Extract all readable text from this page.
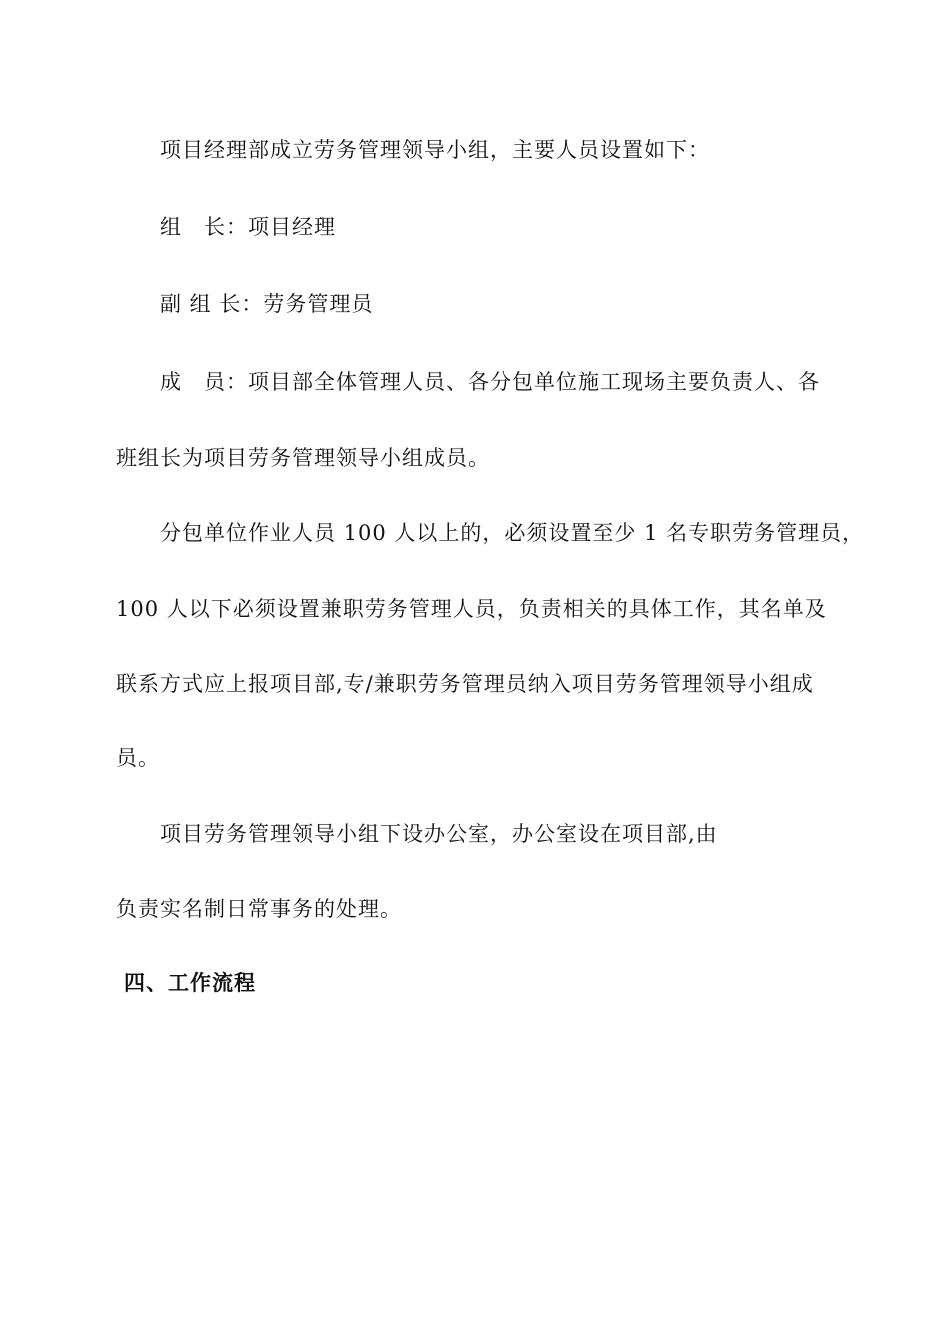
项目经理部成立劳务管理领导小组，主要人员设置如下：
组　长：项目经理
副 组 长：劳务管理员
成　员：项目部全体管理人员、各分包单位施工现场主要负责人、各
班组长为项目劳务管理领导小组成员。
分包单位作业人员 100 人以上的，必须设置至少 1 名专职劳务管理员，
100 人以下必须设置兼职劳务管理人员，负责相关的具体工作，其名单及
联系方式应上报项目部,专/兼职劳务管理员纳入项目劳务管理领导小组成
员。
项目劳务管理领导小组下设办公室，办公室设在项目部,由
负责实名制日常事务的处理。
四、工作流程
